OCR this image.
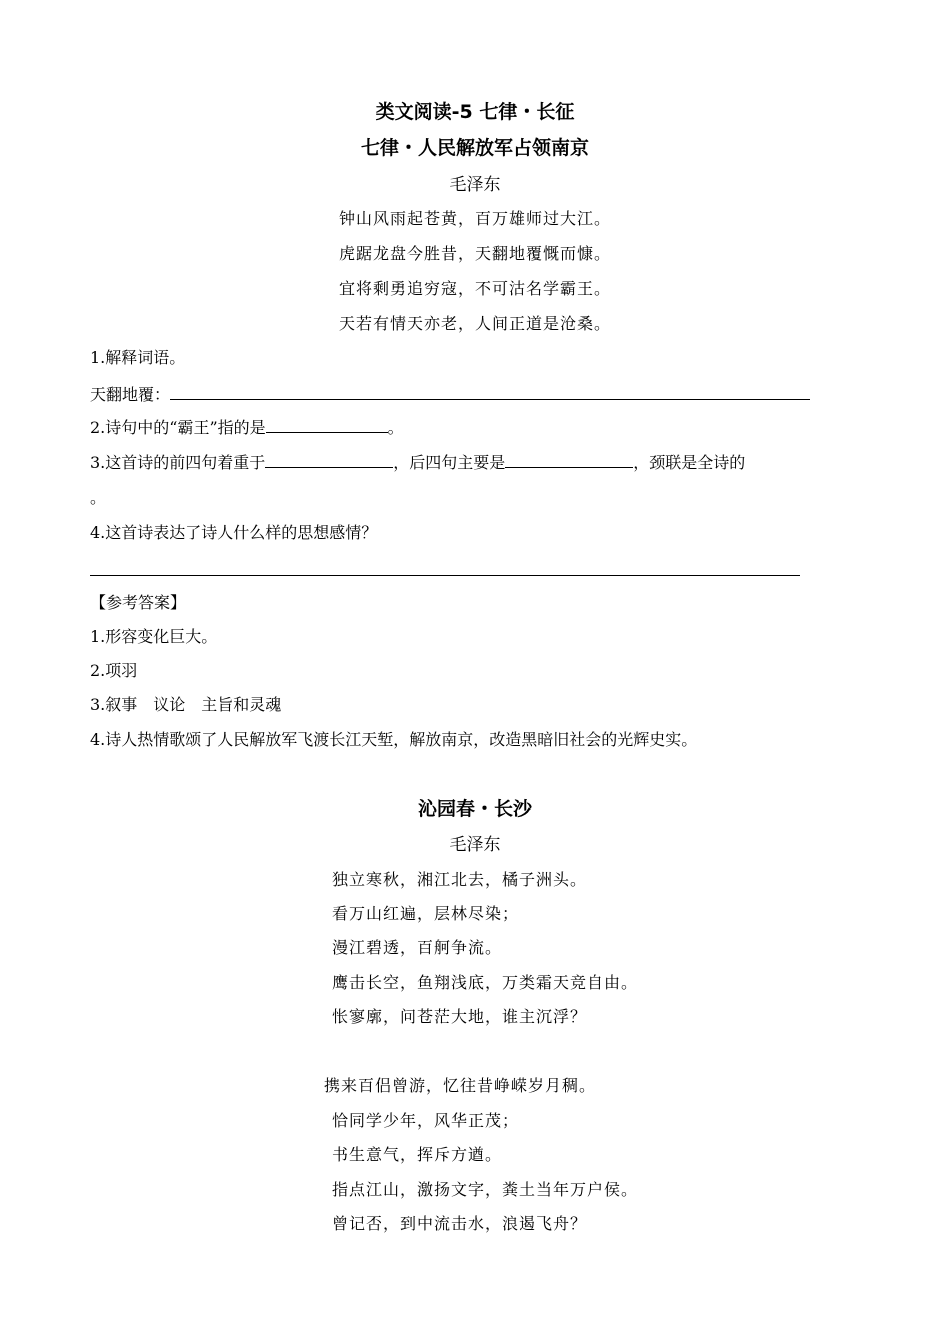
类文阅读-5 七律・长征
七律・人民解放军占领南京
毛泽东
钟山风雨起苍黄，百万雄师过大江。
虎踞龙盘今胜昔，天翻地覆慨而慷。
宜将剩勇追穷寇，不可沽名学霸王。
天若有情天亦老，人间正道是沧桑。
1.解释词语。
天翻地覆：
2.诗句中的“霸王”指的是	。
3.这首诗的前四句着重于	，后四句主要是	，颈联是全诗的
。
4.这首诗表达了诗人什么样的思想感情？
【参考答案】
1.形容变化巨大。
2.项羽
3.叙事　议论　主旨和灵魂
4.诗人热情歌颂了人民解放军飞渡长江天堑，解放南京，改造黑暗旧社会的光辉史实。
沁园春・长沙
毛泽东
独立寒秋，湘江北去，橘子洲头。
看万山红遍，层林尽染；
漫江碧透，百舸争流。
鹰击长空，鱼翔浅底，万类霜天竞自由。
怅寥廓，问苍茫大地，谁主沉浮？
携来百侣曾游，忆往昔峥嵘岁月稠。
恰同学少年，风华正茂；
书生意气，挥斥方遒。
指点江山，激扬文字，粪土当年万户侯。
曾记否，到中流击水，浪遏飞舟？
